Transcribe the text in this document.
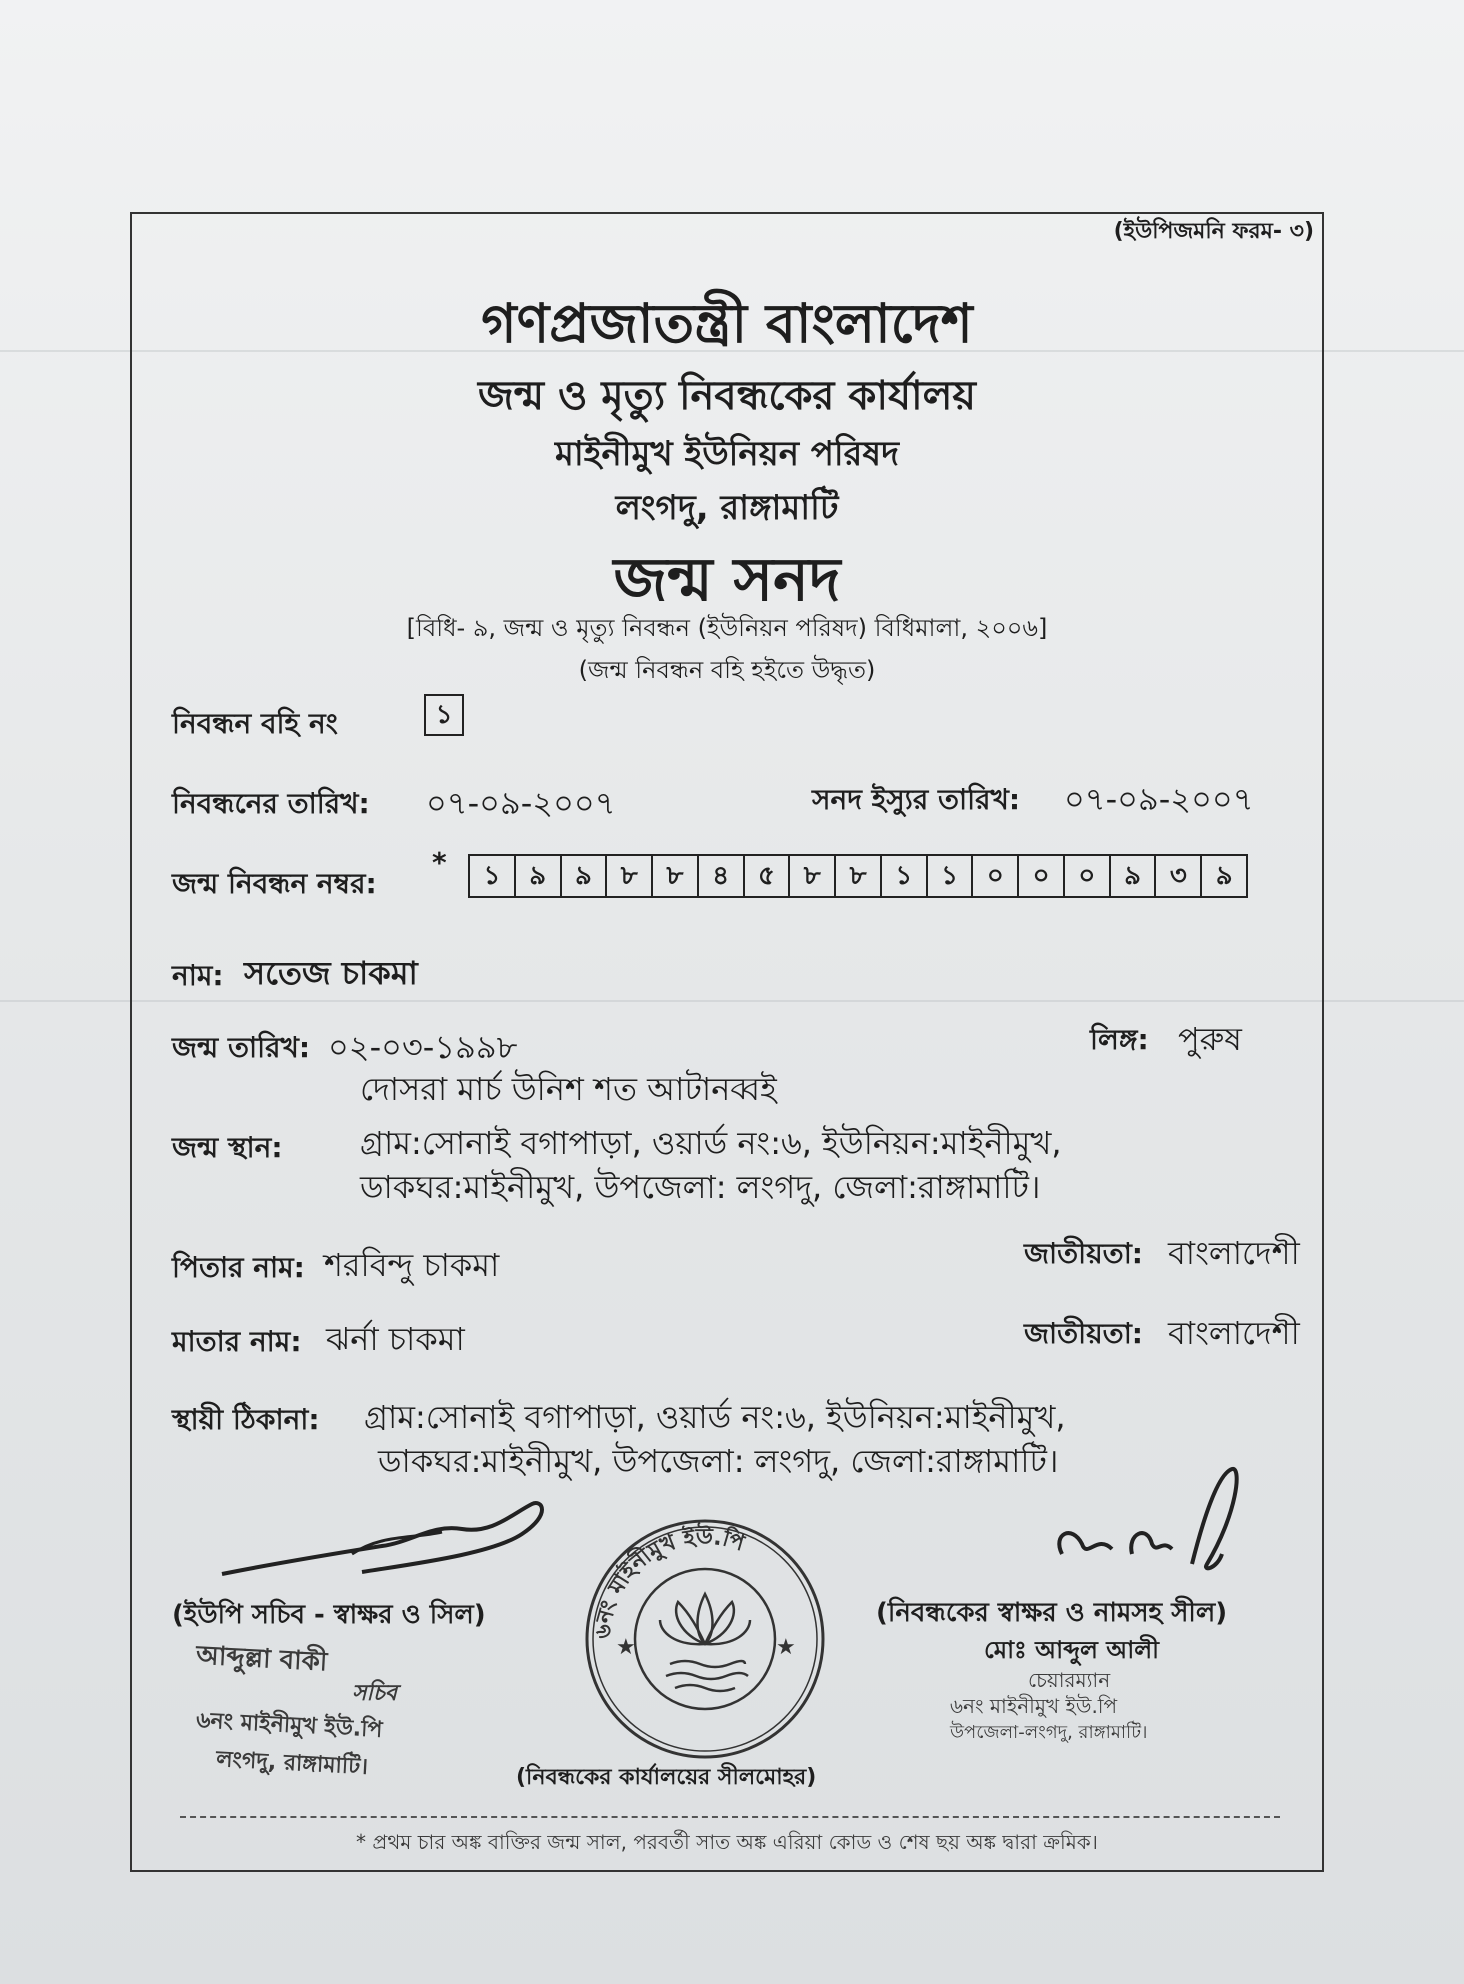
(ইউপিজমনি ফরম- ৩)
গণপ্রজাতন্ত্রী বাংলাদেশ
জন্ম ও মৃত্যু নিবন্ধকের কার্যালয়
মাইনীমুখ ইউনিয়ন পরিষদ
লংগদু, রাঙ্গামাটি
জন্ম সনদ
[বিধি- ৯, জন্ম ও মৃত্যু নিবন্ধন (ইউনিয়ন পরিষদ) বিধিমালা, ২০০৬]
(জন্ম নিবন্ধন বহি হইতে উদ্ধৃত)
নিবন্ধন বহি নং	১
নিবন্ধনের তারিখ: ০৭-০৯-২০০৭	সনদ ইস্যুর তারিখ: ০৭-০৯-২০০৭
জন্ম নিবন্ধন নম্বর:
*	১	৯	৯	৮	৮	৪	৫	৮	৮	১	১	০	০	০	৯	৩	৯
নাম: সতেজ চাকমা
জন্ম তারিখ: ০২-০৩-১৯৯৮
দোসরা মার্চ উনিশ শত আটানব্বই
লিঙ্গ: পুরুষ
জন্ম স্থান: গ্রাম:সোনাই বগাপাড়া, ওয়ার্ড নং:৬, ইউনিয়ন:মাইনীমুখ,
ডাকঘর:মাইনীমুখ, উপজেলা: লংগদু, জেলা:রাঙ্গামাটি।
পিতার নাম: শরবিন্দু চাকমা	জাতীয়তা: বাংলাদেশী
মাতার নাম: ঝর্না চাকমা	জাতীয়তা: বাংলাদেশী
স্থায়ী ঠিকানা: গ্রাম:সোনাই বগাপাড়া, ওয়ার্ড নং:৬, ইউনিয়ন:মাইনীমুখ,
ডাকঘর:মাইনীমুখ, উপজেলা: লংগদু, জেলা:রাঙ্গামাটি।
(ইউপি সচিব - স্বাক্ষর ও সিল)
আব্দুল্লা বাকী
সচিব
৬নং মাইনীমুখ ইউ.পি
লংগদু, রাঙ্গামাটি।
৬নং মাইনীমুখ ইউ.পি
★	★
(নিবন্ধকের কার্যালয়ের সীলমোহর)
(নিবন্ধকের স্বাক্ষর ও নামসহ সীল)
মোঃ আব্দুল আলী
চেয়ারম্যান
৬নং মাইনীমুখ ইউ.পি
উপজেলা-লংগদু, রাঙ্গামাটি।
* প্রথম চার অঙ্ক বাক্তির জন্ম সাল, পরবর্তী সাত অঙ্ক এরিয়া কোড ও শেষ ছয় অঙ্ক দ্বারা ক্রমিক।
